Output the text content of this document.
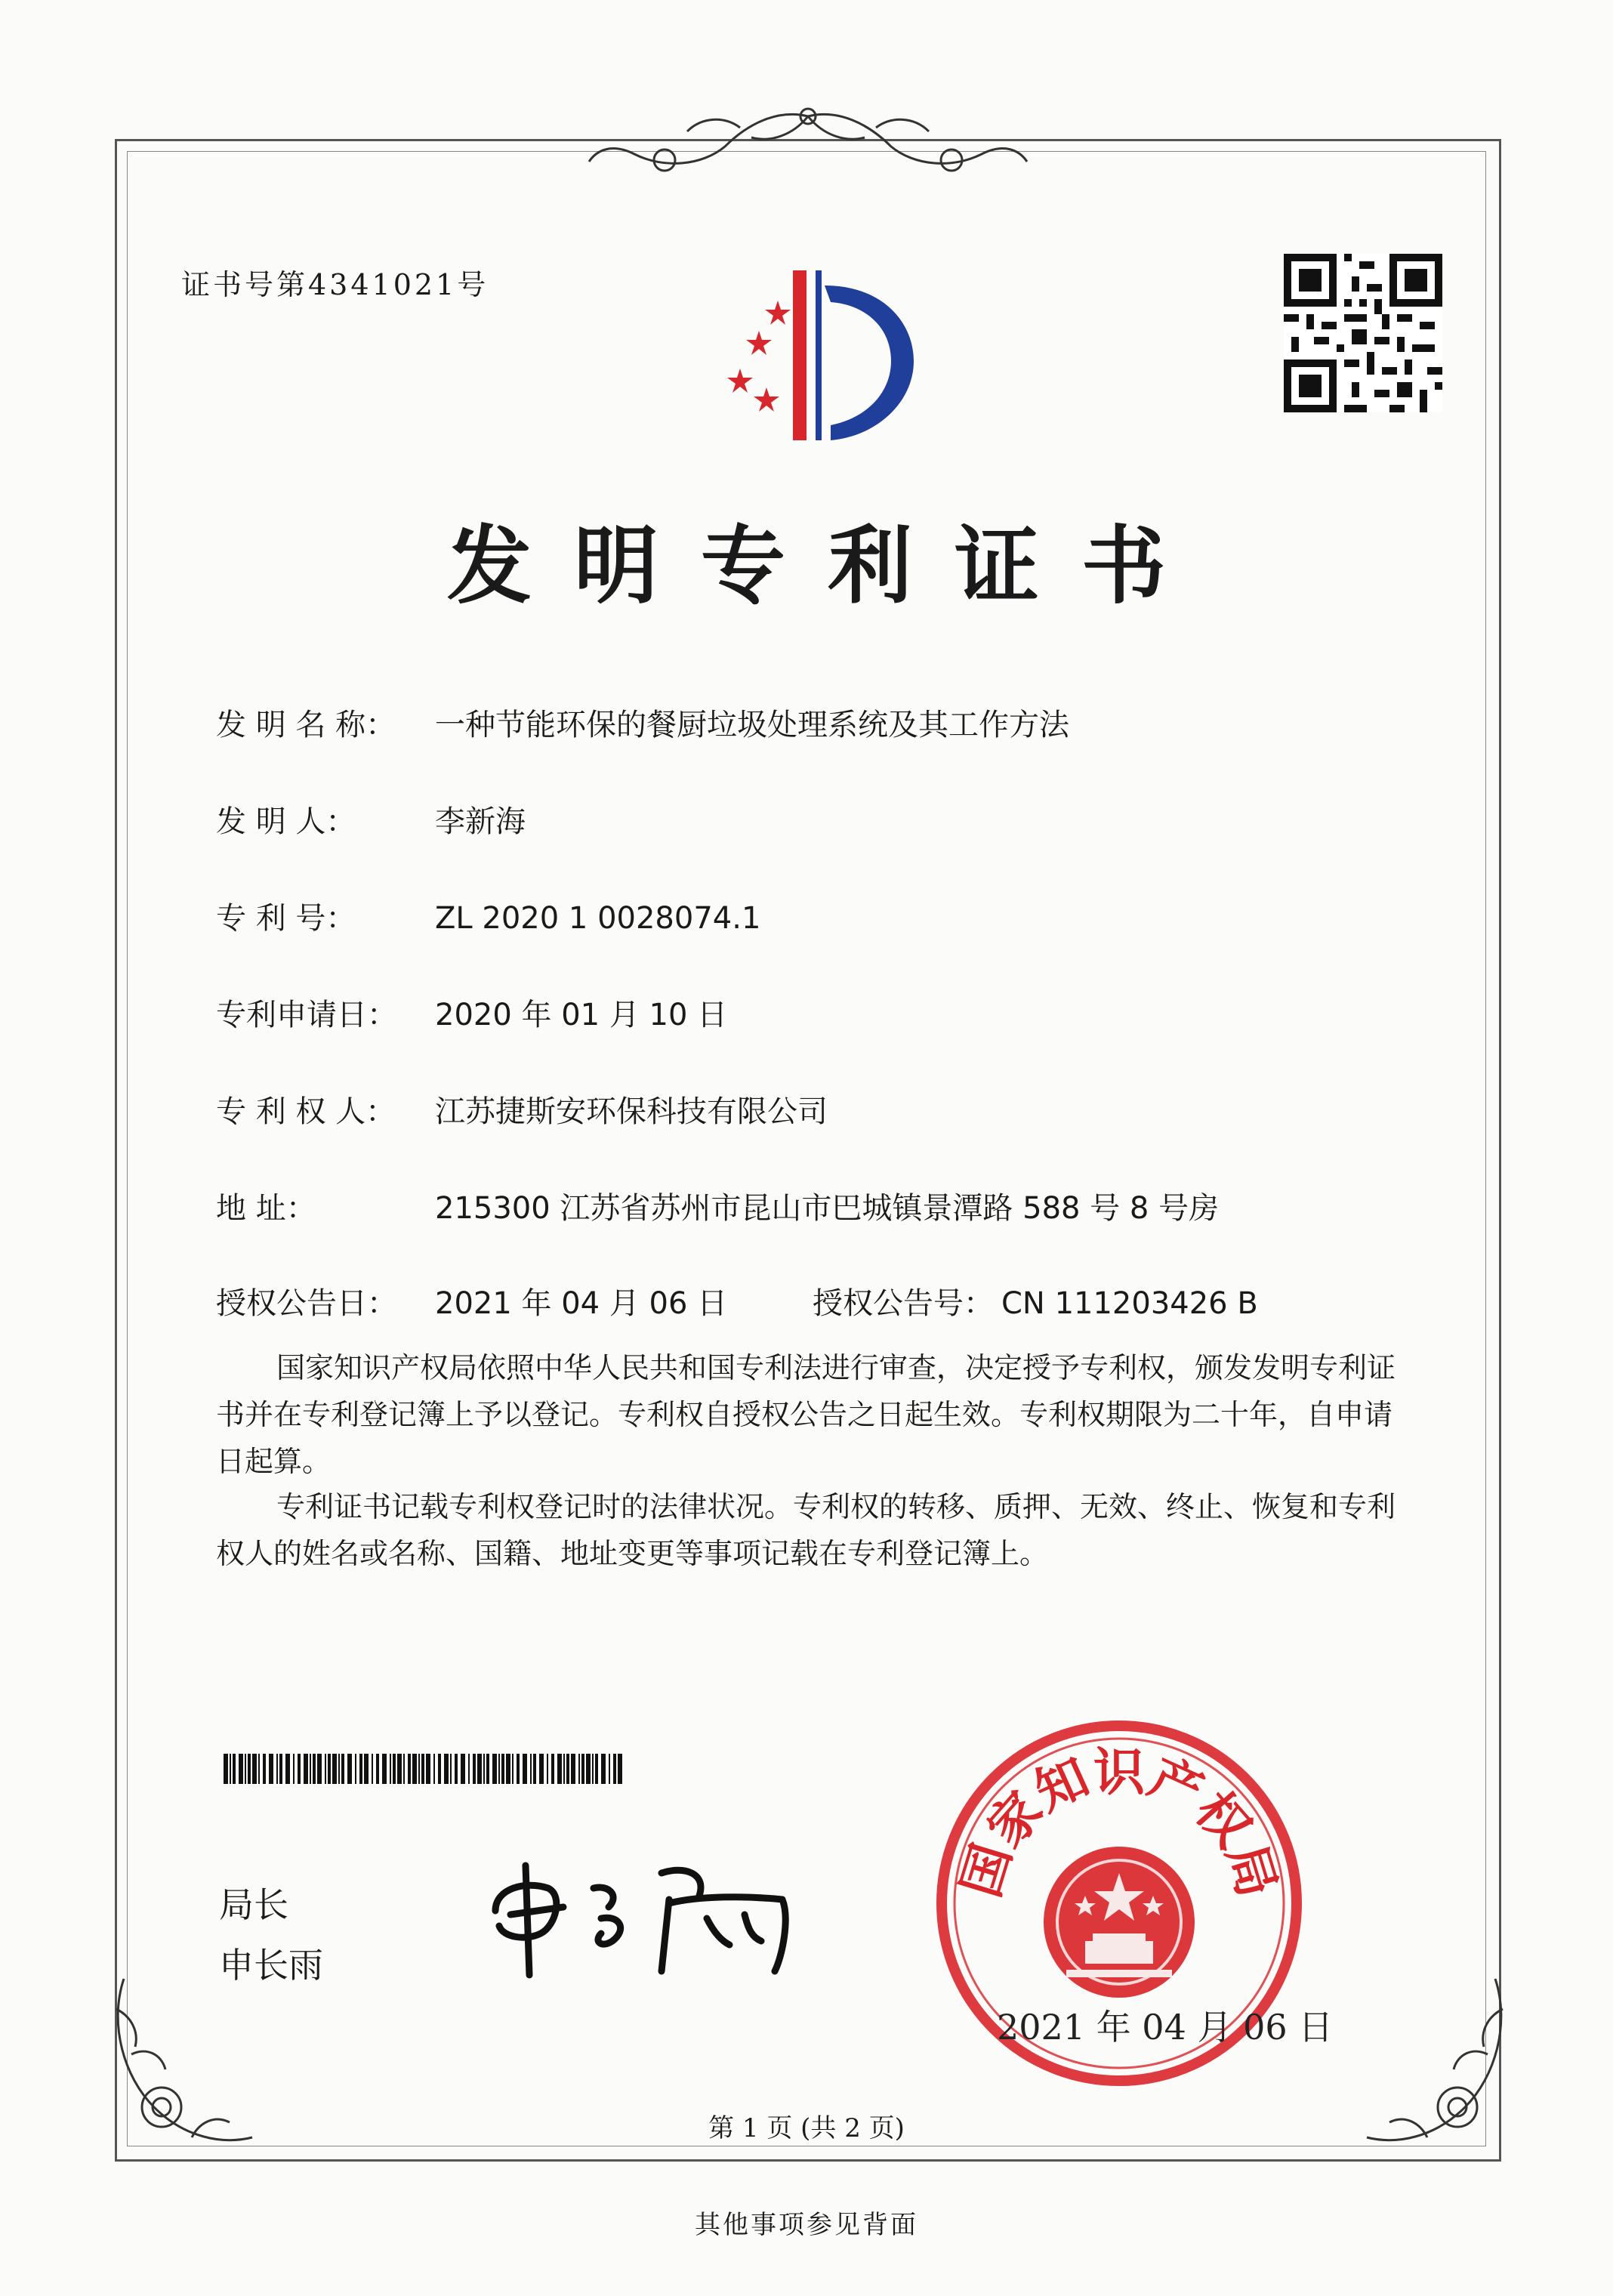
证书号第4341021号
发明专利证书
发 明 名 称： 一种节能环保的餐厨垃圾处理系统及其工作方法
发 明 人：	李新海
专 利 号：	ZL 2020 1 0028074.1
专利申请日： 2020 年 01 月 10 日
专 利 权 人： 江苏捷斯安环保科技有限公司
地 址：	215300 江苏省苏州市昆山市巴城镇景潭路 588 号 8 号房
授权公告日： 2021 年 04 月 06 日	授权公告号： CN 111203426 B
国家知识产权局依照中华人民共和国专利法进行审查，决定授予专利权，颁发发明专利证书并在专利登记簿上予以登记。专利权自授权公告之日起生效。专利权期限为二十年，自申请日起算。
专利证书记载专利权登记时的法律状况。专利权的转移、质押、无效、终止、恢复和专利权人的姓名或名称、国籍、地址变更等事项记载在专利登记簿上。
局长
申长雨
国家知识产权局
2021 年 04 月 06 日
第 1 页 (共 2 页)
其他事项参见背面
